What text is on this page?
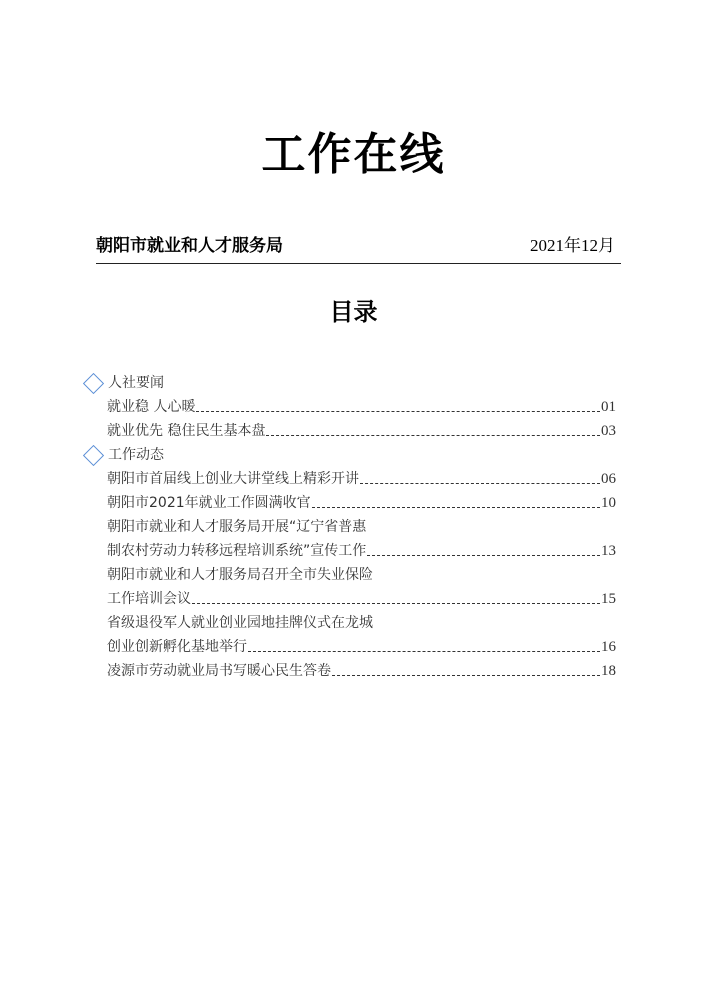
工作在线
朝阳市就业和人才服务局	2021年12月
目录
人社要闻
就业稳 人心暖	01
就业优先 稳住民生基本盘	03
工作动态
朝阳市首届线上创业大讲堂线上精彩开讲	06
朝阳市2021年就业工作圆满收官	10
朝阳市就业和人才服务局开展“辽宁省普惠
制农村劳动力转移远程培训系统”宣传工作	13
朝阳市就业和人才服务局召开全市失业保险
工作培训会议	15
省级退役军人就业创业园地挂牌仪式在龙城
创业创新孵化基地举行	16
凌源市劳动就业局书写暖心民生答卷	18
